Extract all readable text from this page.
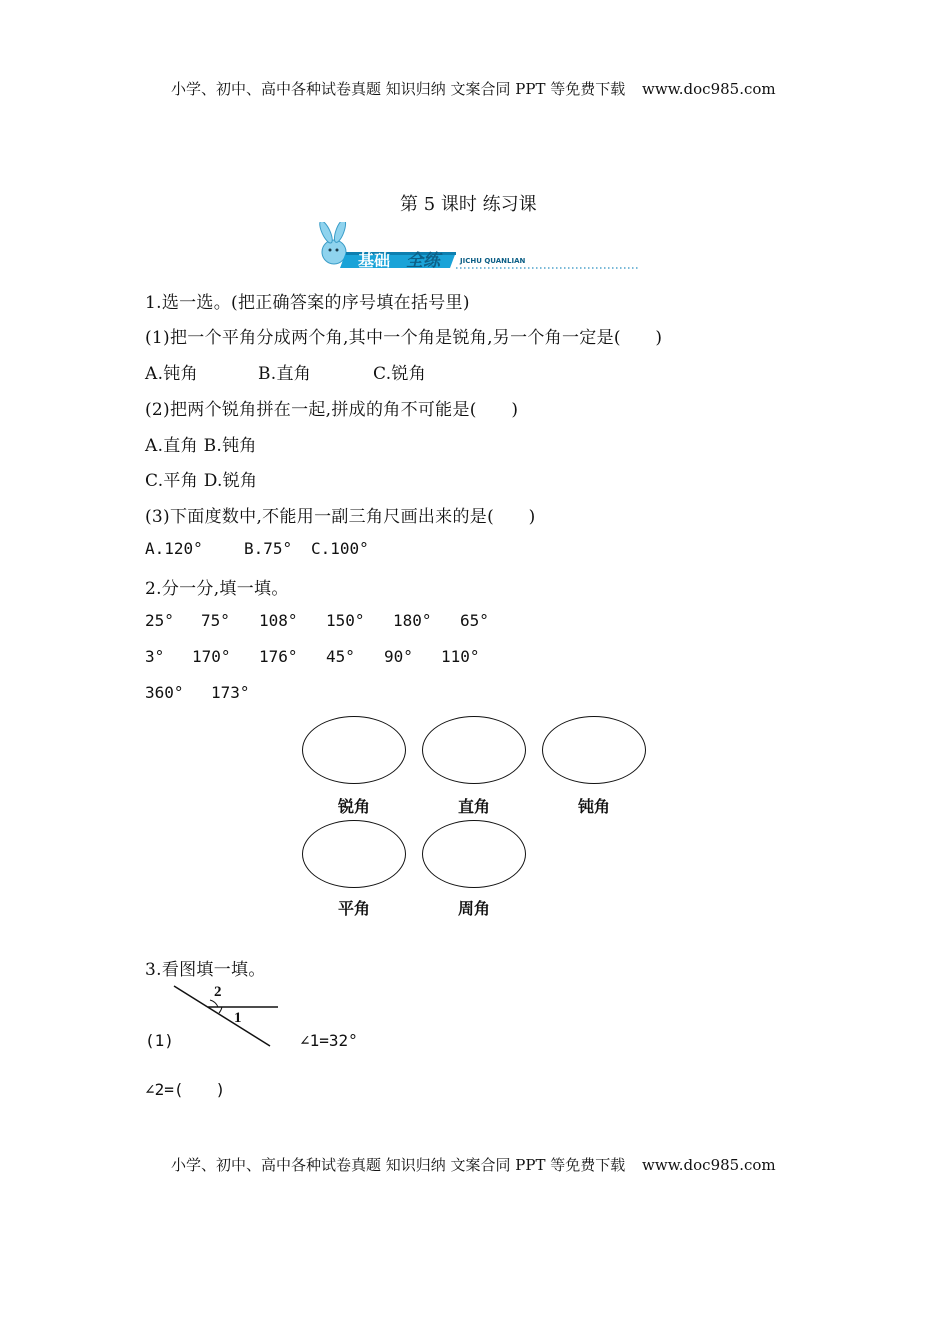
小学、初中、高中各种试卷真题 知识归纳 文案合同 PPT 等免费下载 www.doc985.com
第 5 课时 练习课
基础 全练	JICHU QUANLIAN
1.选一选。(把正确答案的序号填在括号里)
(1)把一个平角分成两个角,其中一个角是锐角,另一个角一定是(　　)
A.钝角	B.直角	C.锐角
(2)把两个锐角拼在一起,拼成的角不可能是(　　)
A.直角 B.钝角
C.平角 D.锐角
(3)下面度数中,不能用一副三角尺画出来的是(　　)
A.120°	B.75° C.100°
2.分一分,填一填。
25° 75° 108° 150° 180° 65°
3° 170° 176° 45° 90° 110°
360° 173°
锐角	直角	钝角
平角	周角
3.看图填一填。
2
1
(1)	∠1=32°
∠2=(　　)
小学、初中、高中各种试卷真题 知识归纳 文案合同 PPT 等免费下载 www.doc985.com
